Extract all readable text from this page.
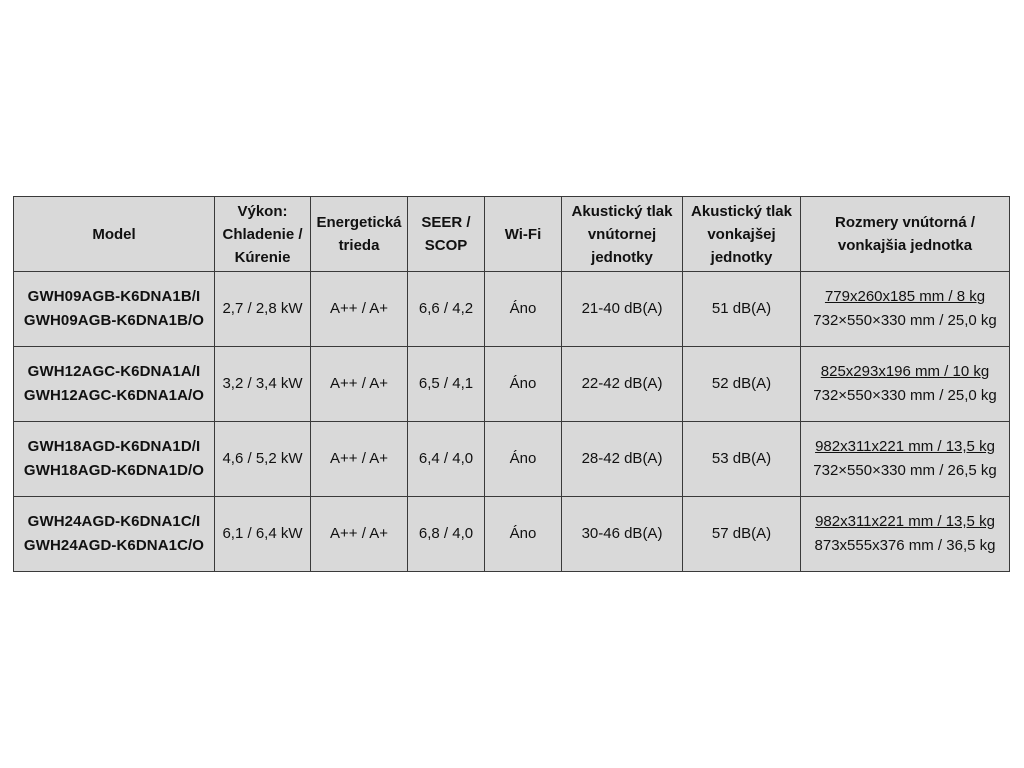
Model	Výkon:
Chladenie /
Kúrenie	Energetická
trieda	SEER /
SCOP	Wi-Fi	Akustický tlak
vnútornej
jednotky	Akustický tlak
vonkajšej
jednotky	Rozmery vnútorná /
vonkajšia jednotka

GWH09AGB-K6DNA1B/I
GWH09AGB-K6DNA1B/O	2,7 / 2,8 kW	A++ / A+	6,6 / 4,2	Áno	21-40 dB(A)	51 dB(A)	779x260x185 mm / 8 kg
732×550×330 mm / 25,0 kg

GWH12AGC-K6DNA1A/I
GWH12AGC-K6DNA1A/O	3,2 / 3,4 kW	A++ / A+	6,5 / 4,1	Áno	22-42 dB(A)	52 dB(A)	825x293x196 mm / 10 kg
732×550×330 mm / 25,0 kg

GWH18AGD-K6DNA1D/I
GWH18AGD-K6DNA1D/O	4,6 / 5,2 kW	A++ / A+	6,4 / 4,0	Áno	28-42 dB(A)	53 dB(A)	982x311x221 mm / 13,5 kg
732×550×330 mm / 26,5 kg

GWH24AGD-K6DNA1C/I
GWH24AGD-K6DNA1C/O	6,1 / 6,4 kW	A++ / A+	6,8 / 4,0	Áno	30-46 dB(A)	57 dB(A)	982x311x221 mm / 13,5 kg
873x555x376 mm / 36,5 kg
